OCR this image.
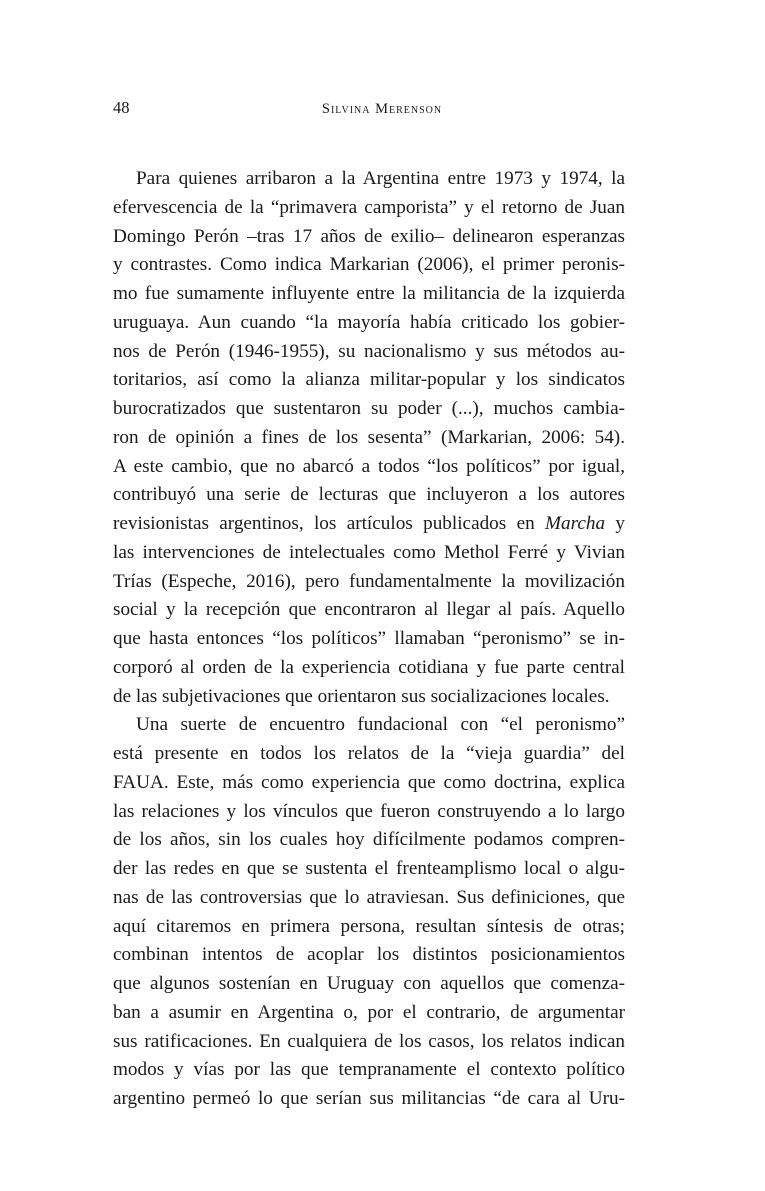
48	Silvina Merenson
Para quienes arribaron a la Argentina entre 1973 y 1974, la
efervescencia de la “primavera camporista” y el retorno de Juan
Domingo Perón –tras 17 años de exilio– delinearon esperanzas
y contrastes. Como indica Markarian (2006), el primer peronis-
mo fue sumamente influyente entre la militancia de la izquierda
uruguaya. Aun cuando “la mayoría había criticado los gobier-
nos de Perón (1946-1955), su nacionalismo y sus métodos au-
toritarios, así como la alianza militar-popular y los sindicatos
burocratizados que sustentaron su poder (...), muchos cambia-
ron de opinión a fines de los sesenta” (Markarian, 2006: 54).
A este cambio, que no abarcó a todos “los políticos” por igual,
contribuyó una serie de lecturas que incluyeron a los autores
revisionistas argentinos, los artículos publicados en Marcha y
las intervenciones de intelectuales como Methol Ferré y Vivian
Trías (Espeche, 2016), pero fundamentalmente la movilización
social y la recepción que encontraron al llegar al país. Aquello
que hasta entonces “los políticos” llamaban “peronismo” se in-
corporó al orden de la experiencia cotidiana y fue parte central
de las subjetivaciones que orientaron sus socializaciones locales.
Una suerte de encuentro fundacional con “el peronismo”
está presente en todos los relatos de la “vieja guardia” del
FAUA. Este, más como experiencia que como doctrina, explica
las relaciones y los vínculos que fueron construyendo a lo largo
de los años, sin los cuales hoy difícilmente podamos compren-
der las redes en que se sustenta el frenteamplismo local o algu-
nas de las controversias que lo atraviesan. Sus definiciones, que
aquí citaremos en primera persona, resultan síntesis de otras;
combinan intentos de acoplar los distintos posicionamientos
que algunos sostenían en Uruguay con aquellos que comenza-
ban a asumir en Argentina o, por el contrario, de argumentar
sus ratificaciones. En cualquiera de los casos, los relatos indican
modos y vías por las que tempranamente el contexto político
argentino permeó lo que serían sus militancias “de cara al Uru-
